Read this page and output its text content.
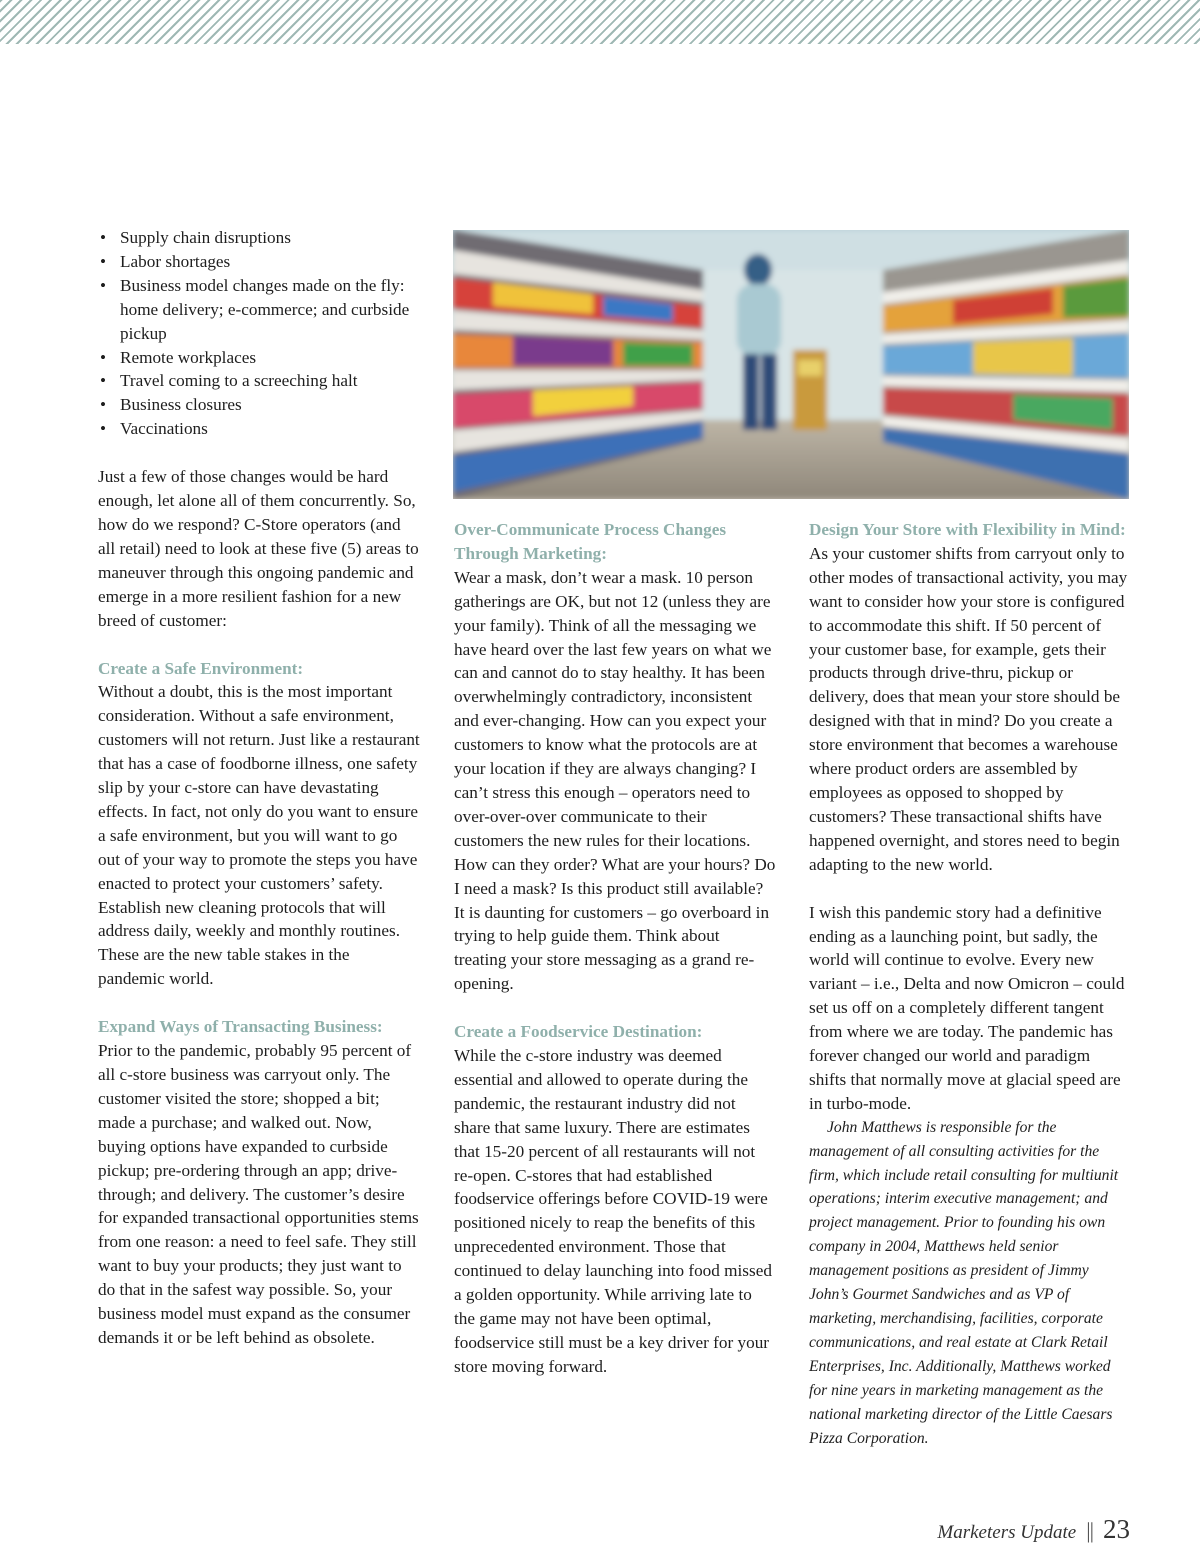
• Supply chain disruptions
• Labor shortages
• Business model changes made on the fly: home delivery; e-commerce; and curbside pickup
• Remote workplaces
• Travel coming to a screeching halt
• Business closures
• Vaccinations

Just a few of those changes would be hard enough, let alone all of them concurrently. So, how do we respond? C-Store operators (and all retail) need to look at these five (5) areas to maneuver through this ongoing pandemic and emerge in a more resilient fashion for a new breed of customer:

Create a Safe Environment:

Without a doubt, this is the most important consideration. Without a safe environment, customers will not return. Just like a restaurant that has a case of foodborne illness, one safety slip by your c-store can have devastating effects. In fact, not only do you want to ensure a safe environment, but you will want to go out of your way to promote the steps you have enacted to protect your customers’ safety. Establish new cleaning protocols that will address daily, weekly and monthly routines. These are the new table stakes in the pandemic world.

Expand Ways of Transacting Business:

Prior to the pandemic, probably 95 percent of all c-store business was carryout only. The customer visited the store; shopped a bit; made a purchase; and walked out. Now, buying options have expanded to curbside pickup; pre-ordering through an app; drive-through; and delivery. The customer’s desire for expanded transactional opportunities stems from one reason: a need to feel safe. They still want to buy your products; they just want to do that in the safest way possible. So, your business model must expand as the consumer demands it or be left behind as obsolete.

Over-Communicate Process Changes Through Marketing:

Wear a mask, don’t wear a mask. 10 person gatherings are OK, but not 12 (unless they are your family). Think of all the messaging we have heard over the last few years on what we can and cannot do to stay healthy. It has been overwhelmingly contradictory, inconsistent and ever-changing. How can you expect your customers to know what the protocols are at your location if they are always changing? I can’t stress this enough – operators need to over-over-over communicate to their customers the new rules for their locations. How can they order? What are your hours? Do I need a mask? Is this product still available? It is daunting for customers – go overboard in trying to help guide them. Think about treating your store messaging as a grand re-opening.

Create a Foodservice Destination:

While the c-store industry was deemed essential and allowed to operate during the pandemic, the restaurant industry did not share that same luxury. There are estimates that 15-20 percent of all restaurants will not re-open. C-stores that had established foodservice offerings before COVID-19 were positioned nicely to reap the benefits of this unprecedented environment. Those that continued to delay launching into food missed a golden opportunity. While arriving late to the game may not have been optimal, foodservice still must be a key driver for your store moving forward.

Design Your Store with Flexibility in Mind:

As your customer shifts from carryout only to other modes of transactional activity, you may want to consider how your store is configured to accommodate this shift. If 50 percent of your customer base, for example, gets their products through drive-thru, pickup or delivery, does that mean your store should be designed with that in mind? Do you create a store environment that becomes a warehouse where product orders are assembled by employees as opposed to shopped by customers? These transactional shifts have happened overnight, and stores need to begin adapting to the new world.

I wish this pandemic story had a definitive ending as a launching point, but sadly, the world will continue to evolve. Every new variant – i.e., Delta and now Omicron – could set us off on a completely different tangent from where we are today. The pandemic has forever changed our world and paradigm shifts that normally move at glacial speed are in turbo-mode.

John Matthews is responsible for the management of all consulting activities for the firm, which include retail consulting for multiunit operations; interim executive management; and project management. Prior to founding his own company in 2004, Matthews held senior management positions as president of Jimmy John’s Gourmet Sandwiches and as VP of marketing, merchandising, facilities, corporate communications, and real estate at Clark Retail Enterprises, Inc. Additionally, Matthews worked for nine years in marketing management as the national marketing director of the Little Caesars Pizza Corporation.

Marketers Update || 23
